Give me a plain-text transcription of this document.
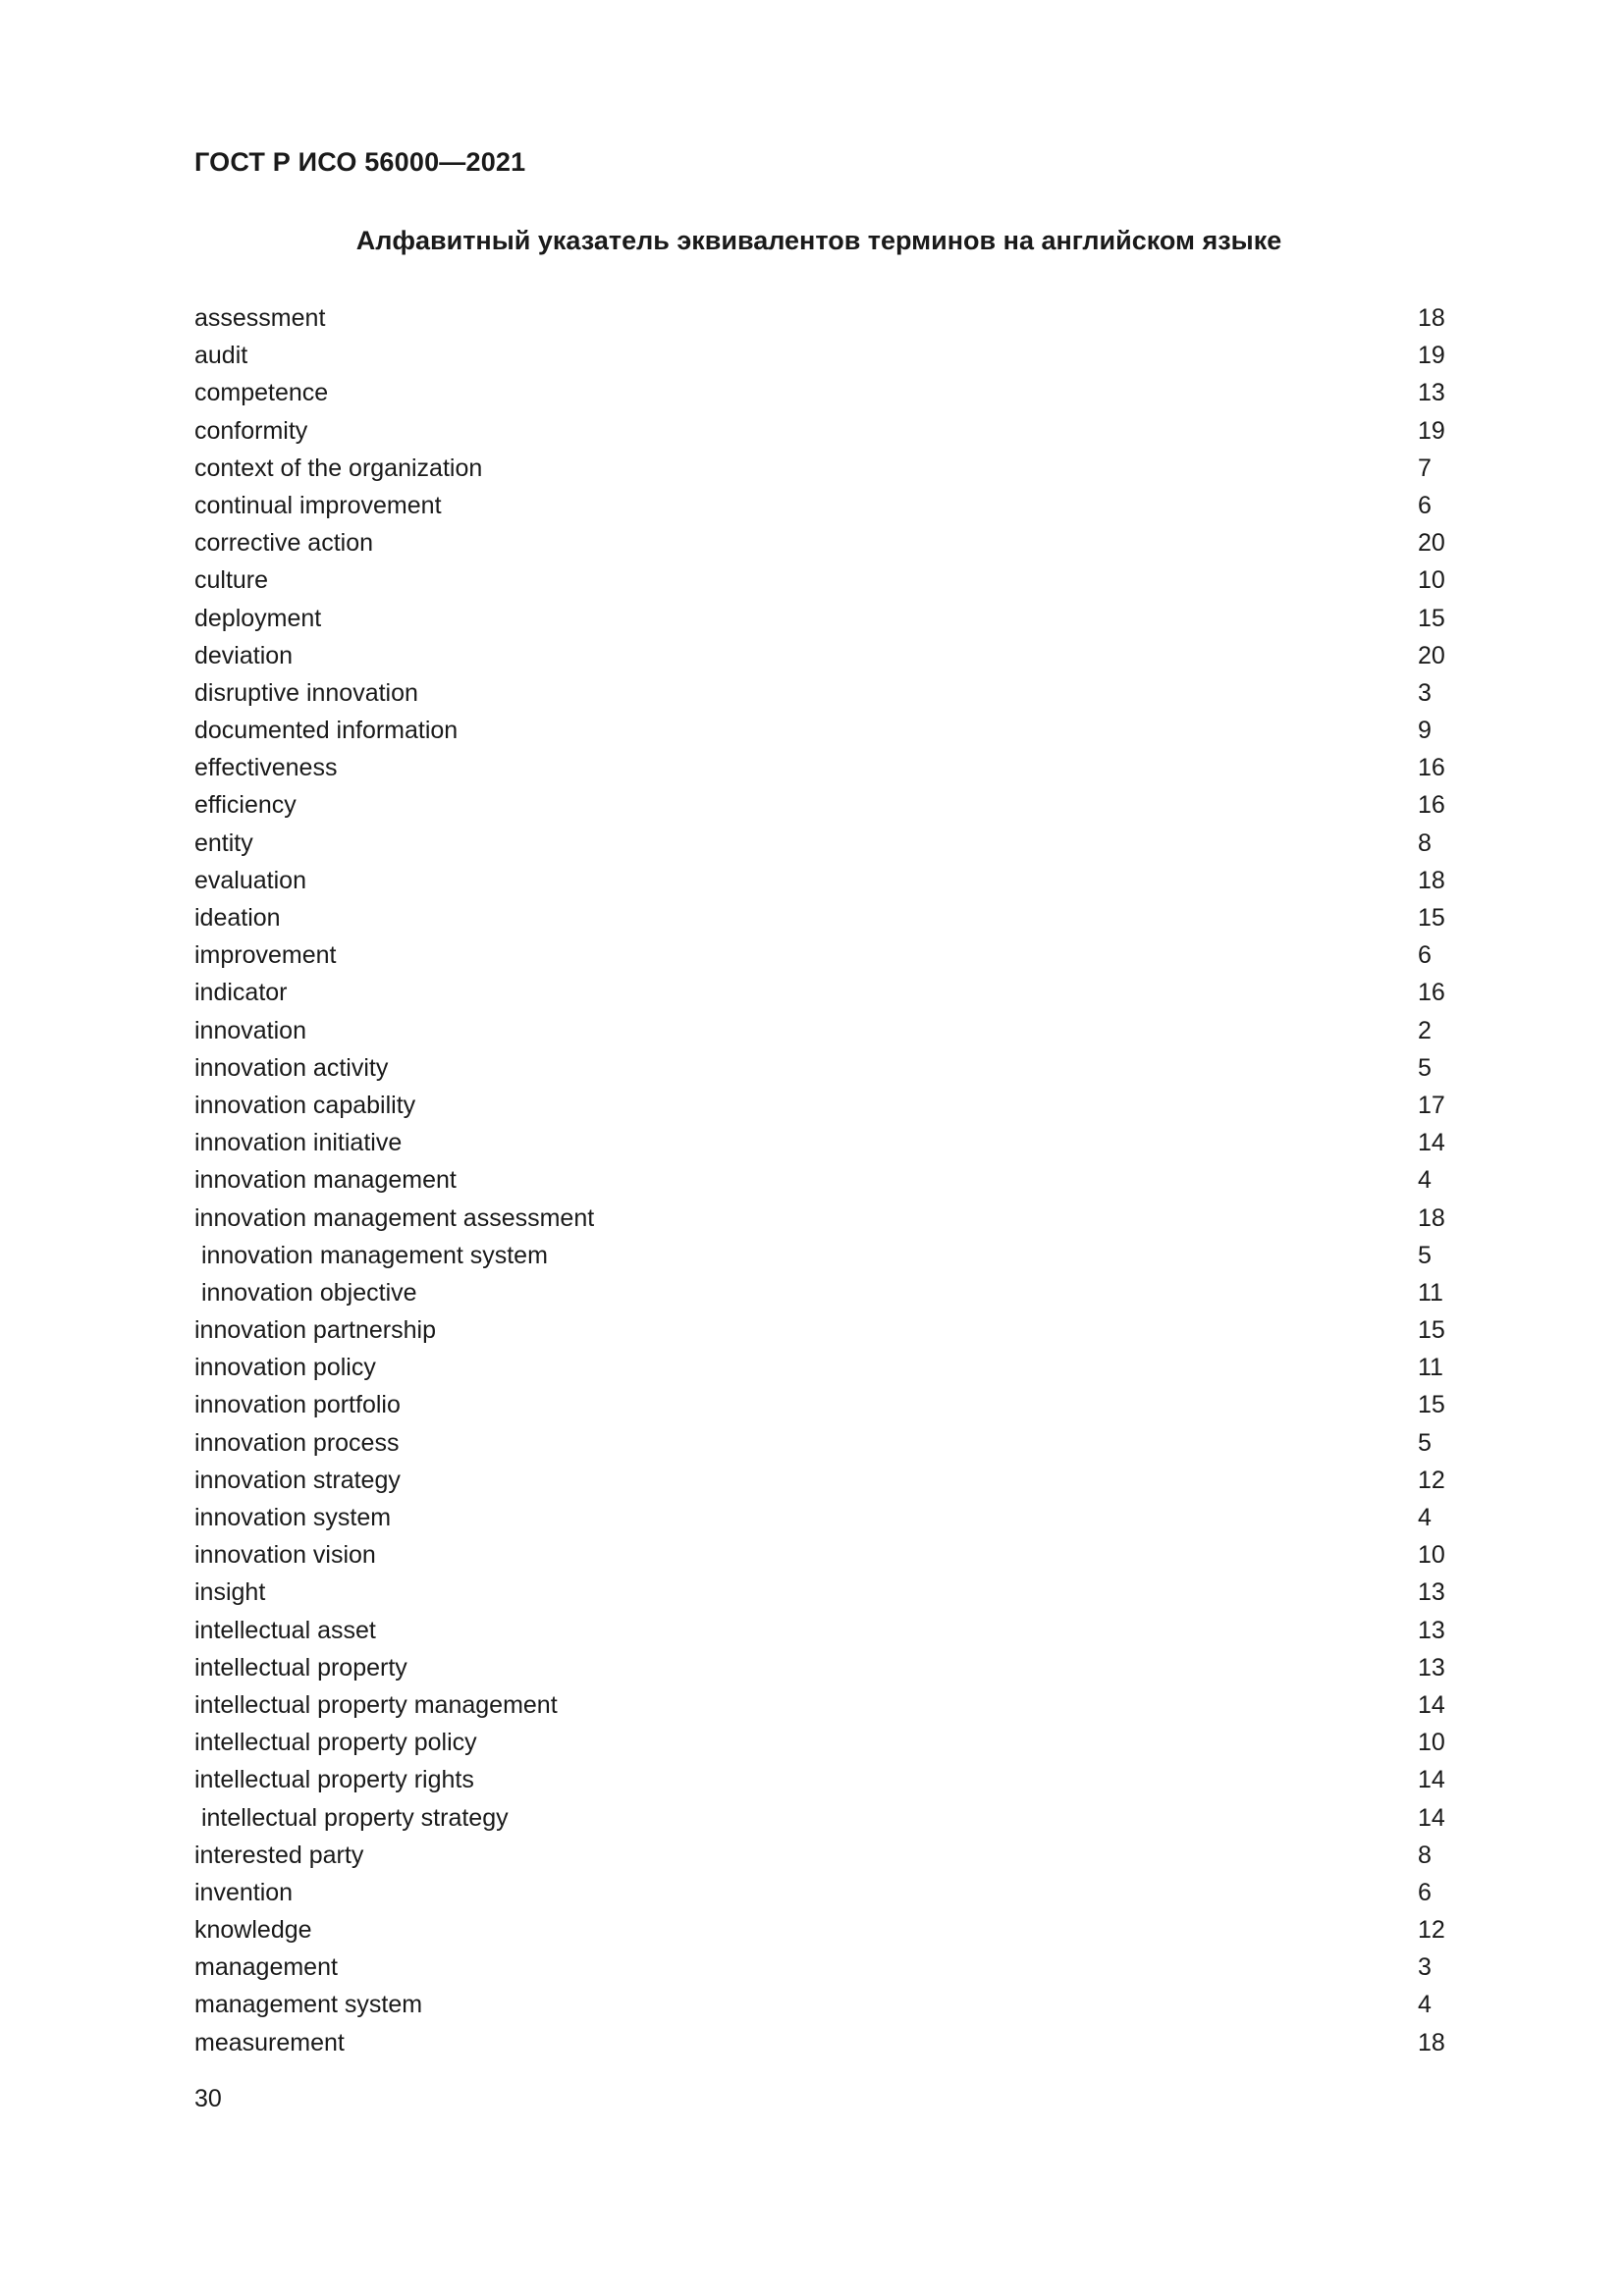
ГОСТ Р ИСО 56000—2021
Алфавитный указатель эквивалентов терминов на английском языке
assessment	18
audit	19
competence	13
conformity	19
context of the organization	7
continual improvement	6
corrective action	20
culture	10
deployment	15
deviation	20
disruptive innovation	3
documented information	9
effectiveness	16
efficiency	16
entity	8
evaluation	18
ideation	15
improvement	6
indicator	16
innovation	2
innovation activity	5
innovation capability	17
innovation initiative	14
innovation management	4
innovation management assessment	18
innovation management system	5
innovation objective	11
innovation partnership	15
innovation policy	11
innovation portfolio	15
innovation process	5
innovation strategy	12
innovation system	4
innovation vision	10
insight	13
intellectual asset	13
intellectual property	13
intellectual property management	14
intellectual property policy	10
intellectual property rights	14
intellectual property strategy	14
interested party	8
invention	6
knowledge	12
management	3
management system	4
measurement	18
30
